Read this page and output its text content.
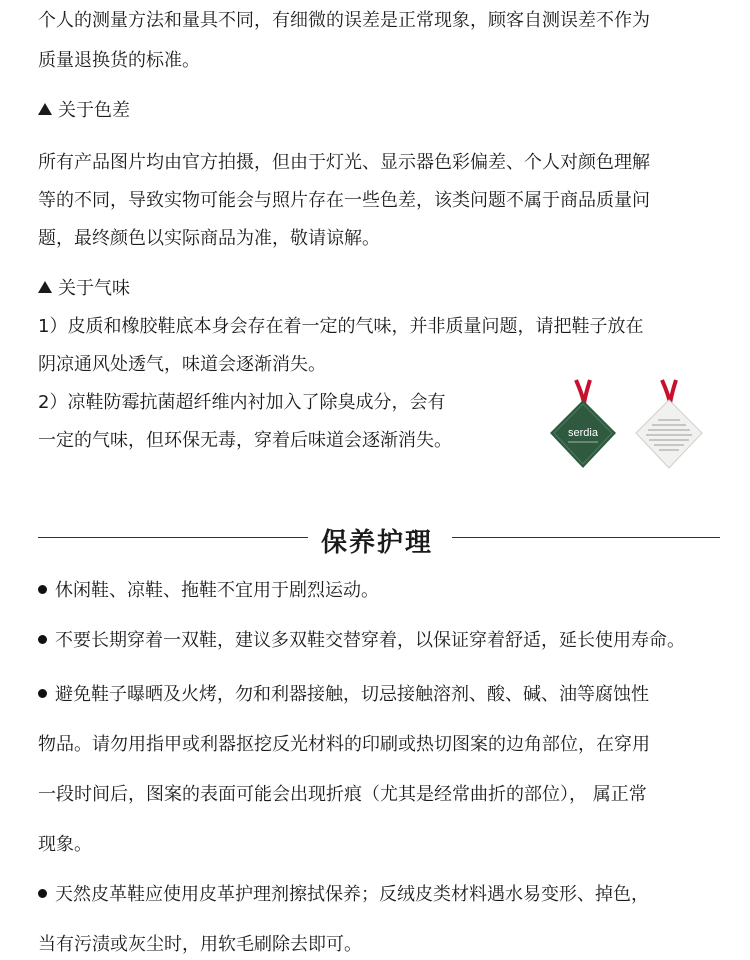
个人的测量方法和量具不同，有细微的误差是正常现象，顾客自测误差不作为
质量退换货的标准。
关于色差
所有产品图片均由官方拍摄，但由于灯光、显示器色彩偏差、个人对颜色理解
等的不同，导致实物可能会与照片存在一些色差，该类问题不属于商品质量问
题，最终颜色以实际商品为准，敬请谅解。
关于气味
1）皮质和橡胶鞋底本身会存在着一定的气味，并非质量问题，请把鞋子放在
阴凉通风处透气，味道会逐渐消失。
2）凉鞋防霉抗菌超纤维内衬加入了除臭成分，会有
一定的气味，但环保无毒，穿着后味道会逐渐消失。	serdia
保养护理
休闲鞋、凉鞋、拖鞋不宜用于剧烈运动。
不要长期穿着一双鞋，建议多双鞋交替穿着，以保证穿着舒适，延长使用寿命。
避免鞋子曝晒及火烤，勿和利器接触，切忌接触溶剂、酸、碱、油等腐蚀性
物品。请勿用指甲或利器抠挖反光材料的印刷或热切图案的边角部位，在穿用
一段时间后，图案的表面可能会出现折痕（尤其是经常曲折的部位）， 属正常
现象。
天然皮革鞋应使用皮革护理剂擦拭保养；反绒皮类材料遇水易变形、掉色，
当有污渍或灰尘时，用软毛刷除去即可。
